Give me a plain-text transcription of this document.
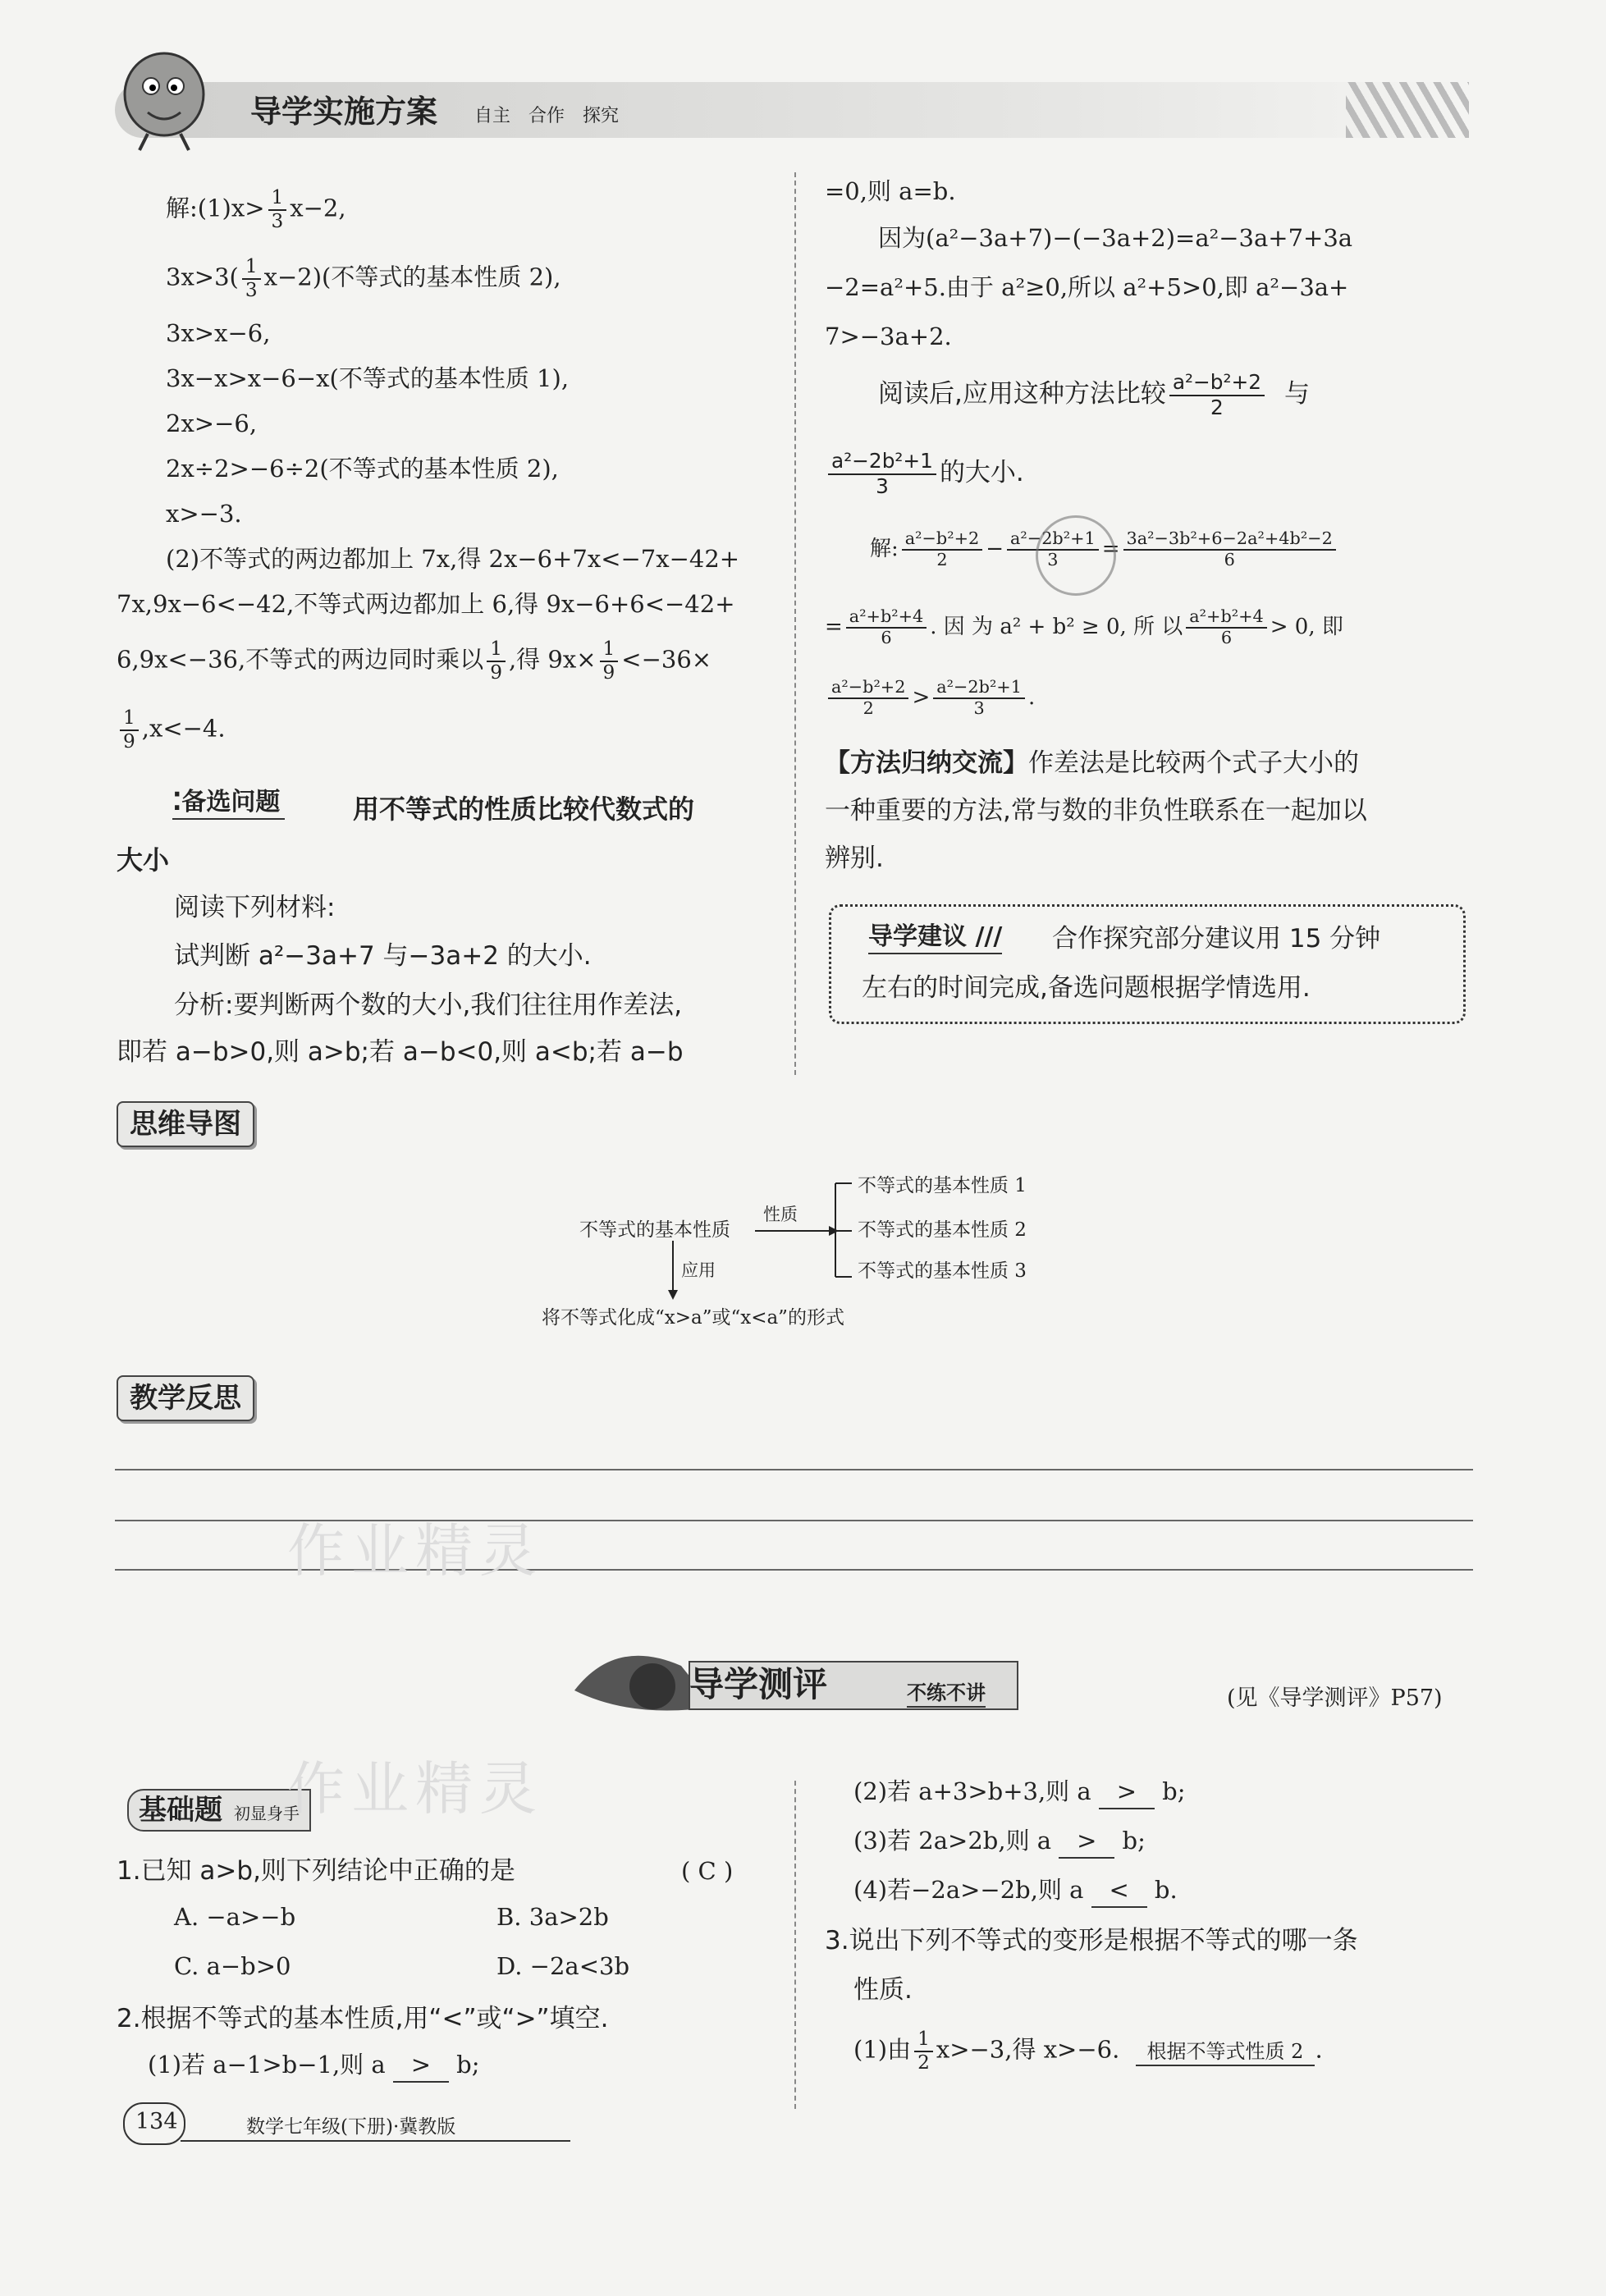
导学实施方案 自主　合作　探究
解:(1)x> $\frac{1}{3} x-2$,
$3x>3( \frac{1}{3} x-2)$(不等式的基本性质 2),
3x>x−6,
3x−x>x−6−x(不等式的基本性质 1),
2x>−6,
2x÷2>−6÷2(不等式的基本性质 2),
x>−3.
(2)不等式的两边都加上 7x,得 2x−6+7x<−7x−42+
7x,9x−6<−42,不等式两边都加上 6,得 9x−6+6<−42+
6,9x<−36,不等式的两边同时乘以 $\frac{1}{9}$ ,得 $9x\times \frac{1}{9} <-36\times$
$\frac{1}{9} ,x<-4$.
⁚备选问题	用不等式的性质比较代数式的
大小
阅读下列材料:
试判断 a²−3a+7 与−3a+2 的大小.
分析:要判断两个数的大小,我们往往用作差法,
即若 a−b>0,则 a>b;若 a−b<0,则 a<b;若 a−b
=0,则 a=b.
因为(a²−3a+7)−(−3a+2)=a²−3a+7+3a
−2=a²+5.由于 a²≥0,所以 a²+5>0,即 a²−3a+
7>−3a+2.
阅读后,应用这种方法比较 $\frac{\text{a²−b²+2}}{2}$ 与
$\frac{\text{a²−2b²+1}}{3}$ 的大小.
解: $\frac{\text{a²−b²+2}}{2} - \frac{\text{a²−2b²+1}}{3} = \frac{\text{3a²−3b²+6−2a²+4b²−2}}{6}$
= $\frac{\text{a²+b²+4}}{6}$ . 因 为 a² + b² ≥ 0, 所 以 $\frac{\text{a²+b²+4}}{6} > 0$, 即
$\frac{\text{a²−b²+2}}{2} > \frac{\text{a²−2b²+1}}{3}$ .
【方法归纳交流】作差法是比较两个式子大小的
一种重要的方法,常与数的非负性联系在一起加以
辨别.
导学建议 /// 合作探究部分建议用 15 分钟
左右的时间完成,备选问题根据学情选用.
思维导图
不等式的基本性质
性质
应用
不等式的基本性质 1
不等式的基本性质 2
不等式的基本性质 3
将不等式化成“x>a”或“x<a”的形式
教学反思
作业精灵
导学测评	不练不讲	(见《导学测评》P57)
基础题 初显身手
作业精灵
1.已知 a>b,则下列结论中正确的是	( C )
A. −a>−b	B. 3a>2b
C. a−b>0	D. −2a<3b
2.根据不等式的基本性质,用“<”或“>”填空.
(1)若 a−1>b−1,则 a > b;
(2)若 a+3>b+3,则 a > b;
(3)若 2a>2b,则 a > b;
(4)若−2a>−2b,则 a < b.
3.说出下列不等式的变形是根据不等式的哪一条
性质.
(1)由 $\frac{1}{2} x>-3$,得 x>−6. 根据不等式性质 2 .
134	数学七年级(下册)·冀教版
